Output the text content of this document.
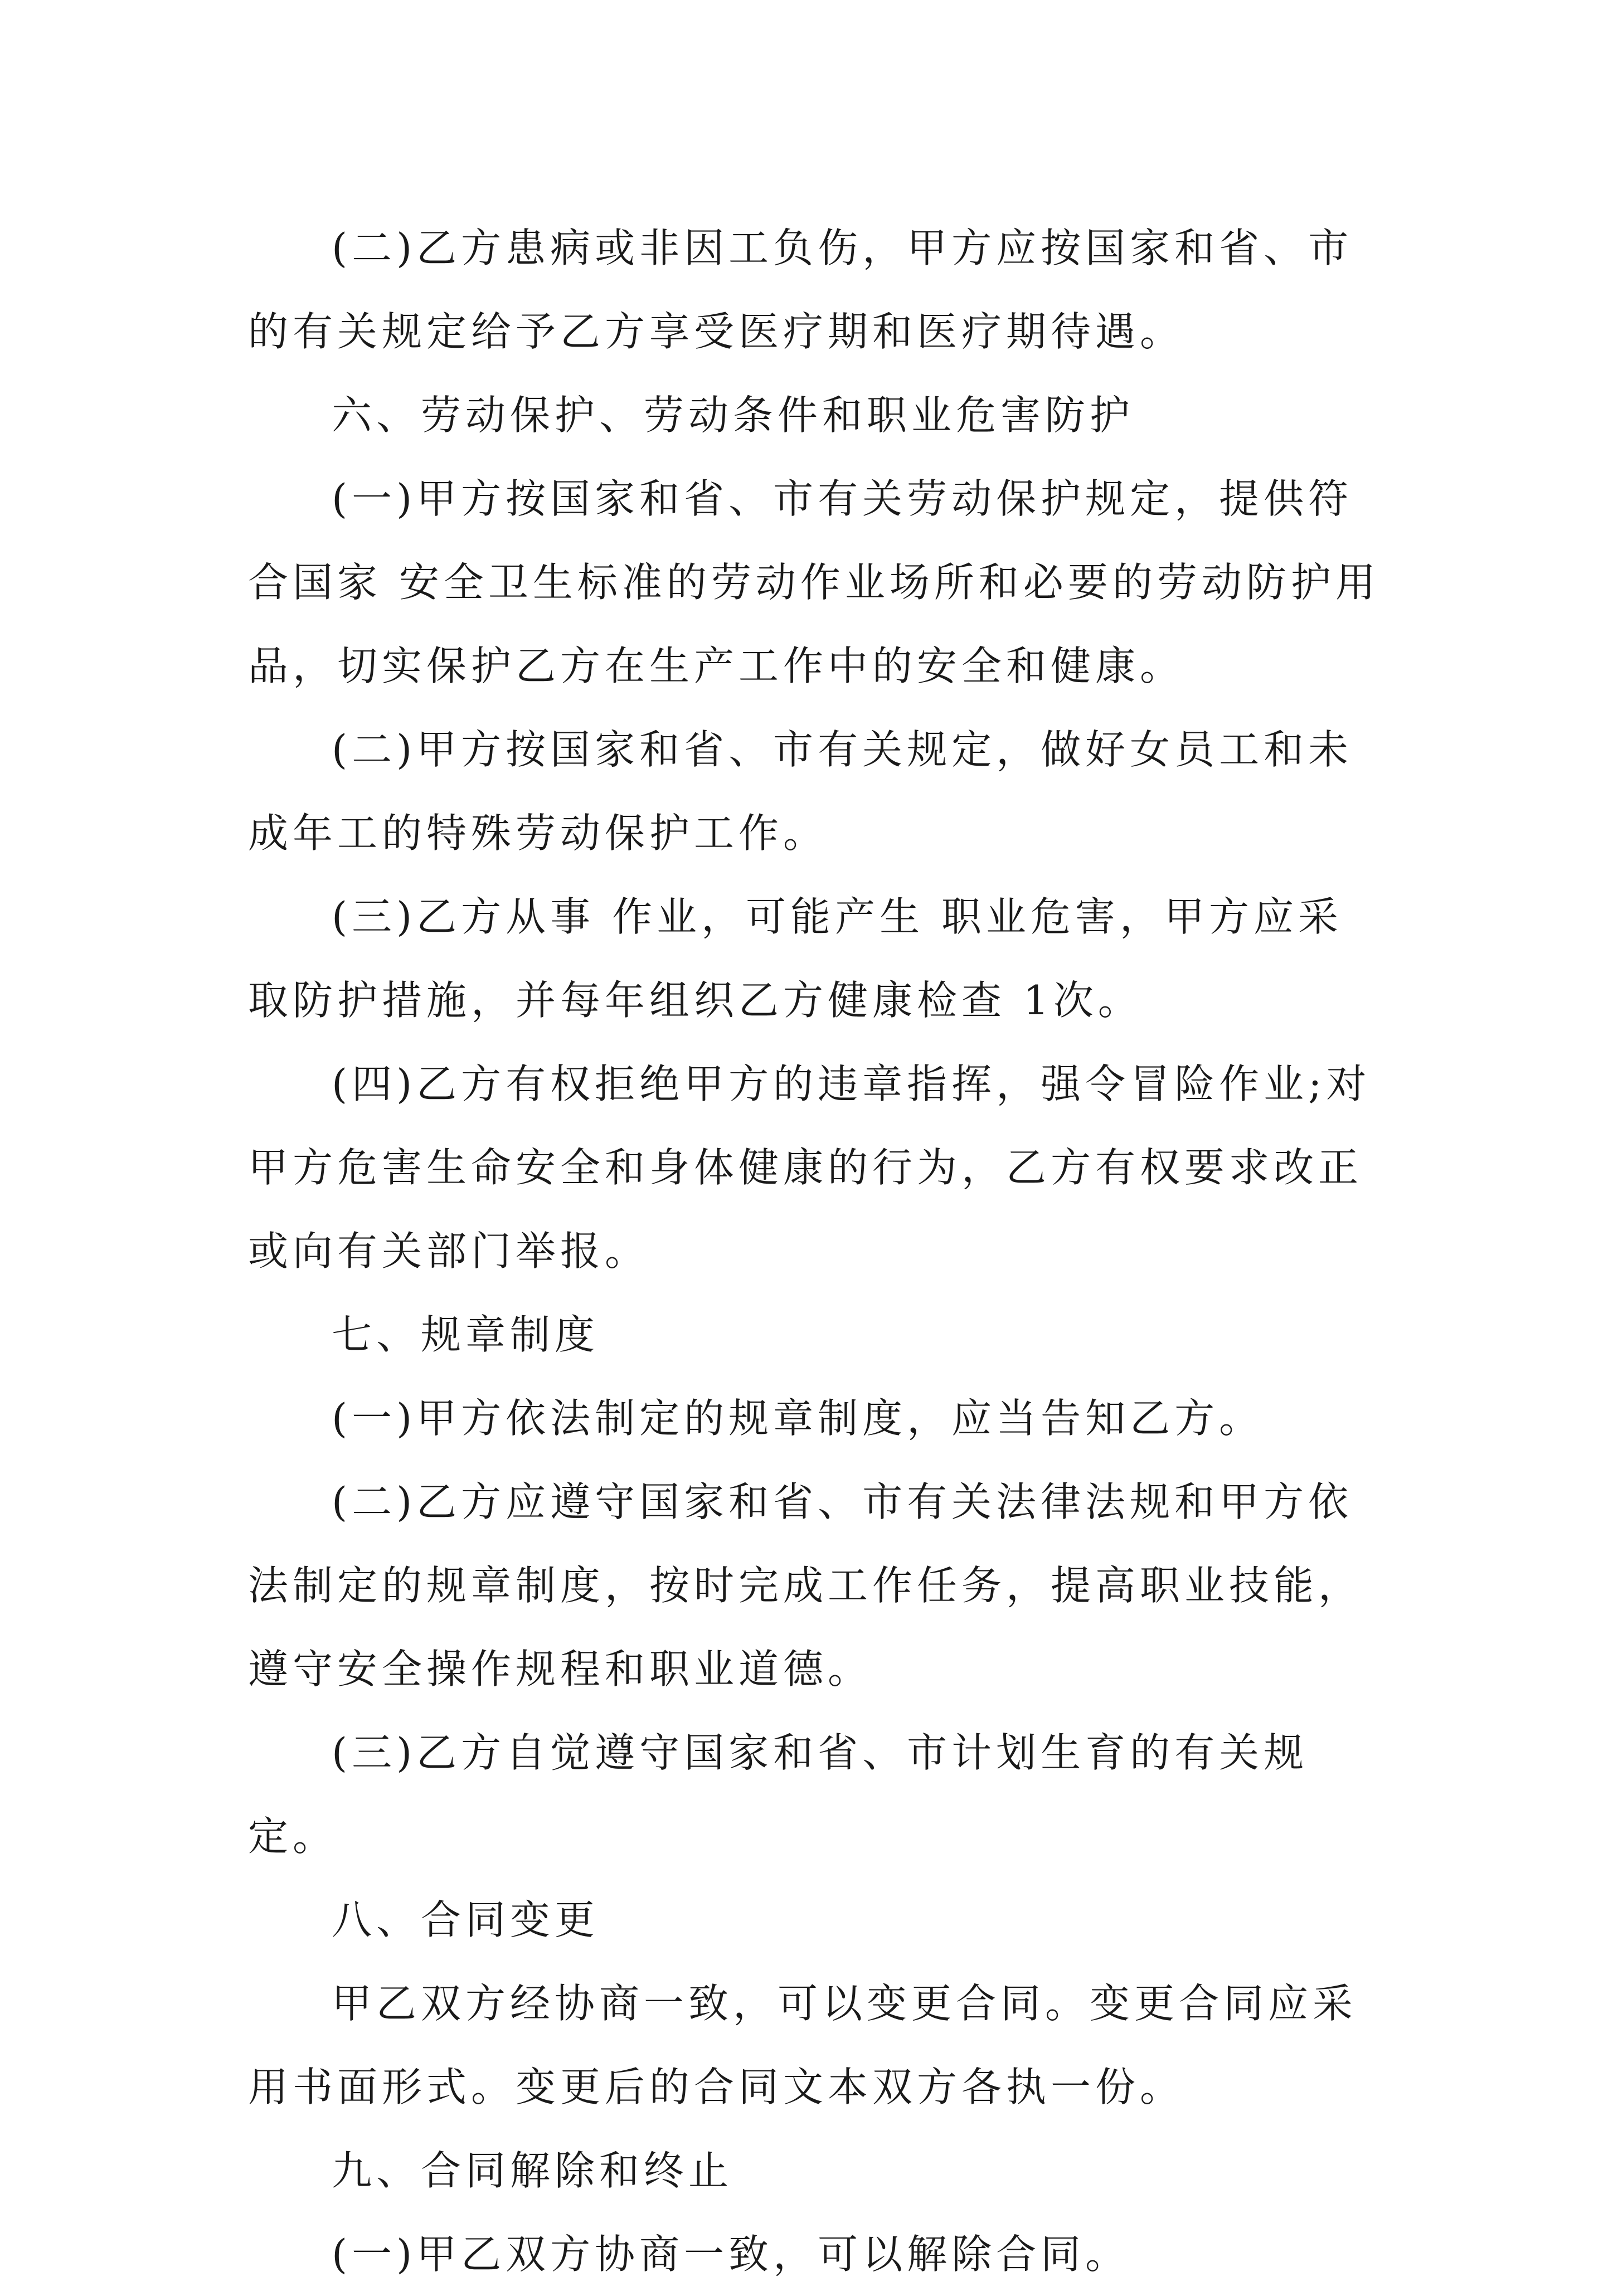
(二)乙方患病或非因工负伤，甲方应按国家和省、市的有关规定给予乙方享受医疗期和医疗期待遇。

六、劳动保护、劳动条件和职业危害防护

(一)甲方按国家和省、市有关劳动保护规定，提供符合国家 安全卫生标准的劳动作业场所和必要的劳动防护用品，切实保护乙方在生产工作中的安全和健康。

(二)甲方按国家和省、市有关规定，做好女员工和未成年工的特殊劳动保护工作。

(三)乙方从事 作业，可能产生 职业危害，甲方应采取防护措施，并每年组织乙方健康检查 1次。

(四)乙方有权拒绝甲方的违章指挥，强令冒险作业;对甲方危害生命安全和身体健康的行为，乙方有权要求改正或向有关部门举报。

七、规章制度

(一)甲方依法制定的规章制度，应当告知乙方。

(二)乙方应遵守国家和省、市有关法律法规和甲方依法制定的规章制度，按时完成工作任务，提高职业技能，遵守安全操作规程和职业道德。

(三)乙方自觉遵守国家和省、市计划生育的有关规定。

八、合同变更

甲乙双方经协商一致，可以变更合同。变更合同应采用书面形式。变更后的合同文本双方各执一份。

九、合同解除和终止

(一)甲乙双方协商一致，可以解除合同。
